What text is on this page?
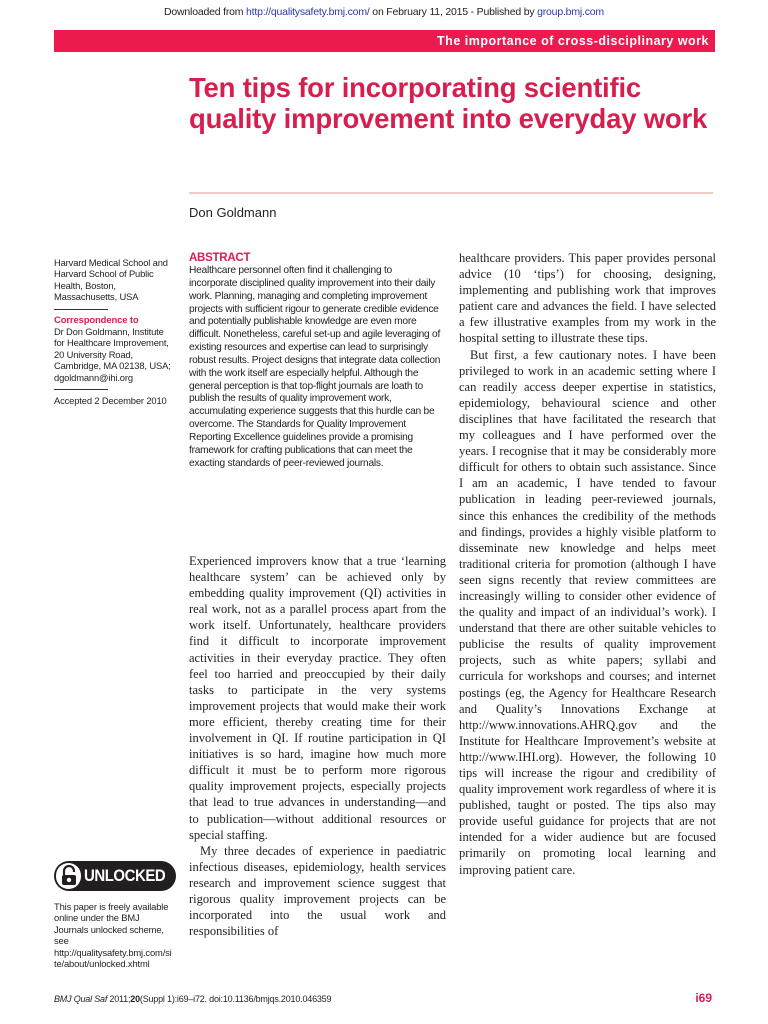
Downloaded from http://qualitysafety.bmj.com/ on February 11, 2015 - Published by group.bmj.com
The importance of cross-disciplinary work
Ten tips for incorporating scientific quality improvement into everyday work
Don Goldmann
Harvard Medical School and Harvard School of Public Health, Boston, Massachusetts, USA
Correspondence to
Dr Don Goldmann, Institute for Healthcare Improvement, 20 University Road, Cambridge, MA 02138, USA; dgoldmann@ihi.org
Accepted 2 December 2010
ABSTRACT
Healthcare personnel often find it challenging to incorporate disciplined quality improvement into their daily work. Planning, managing and completing improvement projects with sufficient rigour to generate credible evidence and potentially publishable knowledge are even more difficult. Nonetheless, careful set-up and agile leveraging of existing resources and expertise can lead to surprisingly robust results. Project designs that integrate data collection with the work itself are especially helpful. Although the general perception is that top-flight journals are loath to publish the results of quality improvement work, accumulating experience suggests that this hurdle can be overcome. The Standards for Quality Improvement Reporting Excellence guidelines provide a promising framework for crafting publications that can meet the exacting standards of peer-reviewed journals.

Experienced improvers know that a true ‘learning healthcare system’ can be achieved only by embedding quality improvement (QI) activities in real work, not as a parallel process apart from the work itself. Unfortunately, healthcare providers find it difficult to incorporate improvement activities in their everyday practice. They often feel too harried and preoccupied by their daily tasks to participate in the very systems improvement projects that would make their work more efficient, thereby creating time for their involvement in QI. If routine participation in QI initiatives is so hard, imagine how much more difficult it must be to perform more rigorous quality improvement projects, especially projects that lead to true advances in understanding—and to publication—without additional resources or special staffing.

My three decades of experience in paediatric infectious diseases, epidemiology, health services research and improvement science suggest that rigorous quality improvement projects can be incorporated into the usual work and responsibilities of

healthcare providers. This paper provides personal advice (10 ‘tips’) for choosing, designing, implementing and publishing work that improves patient care and advances the field. I have selected a few illustrative examples from my work in the hospital setting to illustrate these tips.

But first, a few cautionary notes. I have been privileged to work in an academic setting where I can readily access deeper expertise in statistics, epidemiology, behavioural science and other disciplines that have facilitated the research that my colleagues and I have performed over the years. I recognise that it may be considerably more difficult for others to obtain such assistance. Since I am an academic, I have tended to favour publication in leading peer-reviewed journals, since this enhances the credibility of the methods and findings, provides a highly visible platform to disseminate new knowledge and helps meet traditional criteria for promotion (although I have seen signs recently that review committees are increasingly willing to consider other evidence of the quality and impact of an individual’s work). I understand that there are other suitable vehicles to publicise the results of quality improvement projects, such as white papers; syllabi and curricula for workshops and courses; and internet postings (eg, the Agency for Healthcare Research and Quality’s Innovations Exchange at http://www.innovations.AHRQ.gov and the Institute for Healthcare Improvement’s website at http://www.IHI.org). However, the following 10 tips will increase the rigour and credibility of quality improvement work regardless of where it is published, taught or posted. The tips also may provide useful guidance for projects that are not intended for a wider audience but are focused primarily on promoting local learning and improving patient care.

UNLOCKED
This paper is freely available online under the BMJ Journals unlocked scheme, see http://qualitysafety.bmj.com/site/about/unlocked.xhtml
BMJ Qual Saf 2011;20(Suppl 1):i69–i72. doi:10.1136/bmjqs.2010.046359	i69
